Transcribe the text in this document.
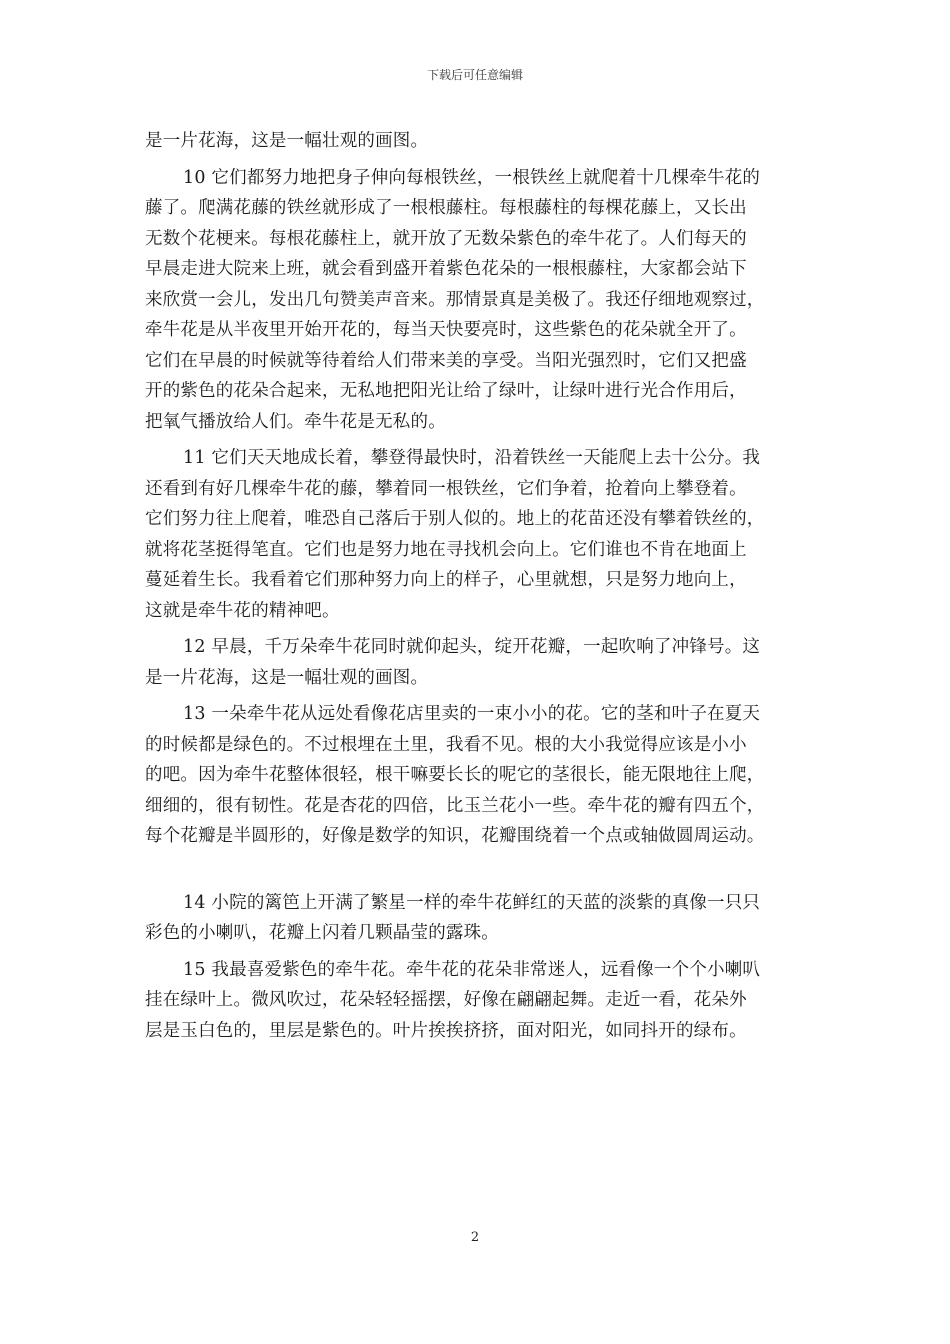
下载后可任意编辑
是一片花海，这是一幅壮观的画图。
10 它们都努力地把身子伸向每根铁丝，一根铁丝上就爬着十几棵牵牛花的
藤了。爬满花藤的铁丝就形成了一根根藤柱。每根藤柱的每棵花藤上，又长出
无数个花梗来。每根花藤柱上，就开放了无数朵紫色的牵牛花了。人们每天的
早晨走进大院来上班，就会看到盛开着紫色花朵的一根根藤柱，大家都会站下
来欣赏一会儿，发出几句赞美声音来。那情景真是美极了。我还仔细地观察过，
牵牛花是从半夜里开始开花的，每当天快要亮时，这些紫色的花朵就全开了。
它们在早晨的时候就等待着给人们带来美的享受。当阳光强烈时，它们又把盛
开的紫色的花朵合起来，无私地把阳光让给了绿叶，让绿叶进行光合作用后，
把氧气播放给人们。牵牛花是无私的。
11 它们天天地成长着，攀登得最快时，沿着铁丝一天能爬上去十公分。我
还看到有好几棵牵牛花的藤，攀着同一根铁丝，它们争着，抢着向上攀登着。
它们努力往上爬着，唯恐自己落后于别人似的。地上的花苗还没有攀着铁丝的，
就将花茎挺得笔直。它们也是努力地在寻找机会向上。它们谁也不肯在地面上
蔓延着生长。我看着它们那种努力向上的样子，心里就想，只是努力地向上，
这就是牵牛花的精神吧。
12 早晨，千万朵牵牛花同时就仰起头，绽开花瓣，一起吹响了冲锋号。这
是一片花海，这是一幅壮观的画图。
13 一朵牵牛花从远处看像花店里卖的一束小小的花。它的茎和叶子在夏天
的时候都是绿色的。不过根埋在土里，我看不见。根的大小我觉得应该是小小
的吧。因为牵牛花整体很轻，根干嘛要长长的呢它的茎很长，能无限地往上爬，
细细的，很有韧性。花是杏花的四倍，比玉兰花小一些。牵牛花的瓣有四五个，
每个花瓣是半圆形的，好像是数学的知识，花瓣围绕着一个点或轴做圆周运动。
14 小院的篱笆上开满了繁星一样的牵牛花鲜红的天蓝的淡紫的真像一只只
彩色的小喇叭，花瓣上闪着几颗晶莹的露珠。
15 我最喜爱紫色的牵牛花。牵牛花的花朵非常迷人，远看像一个个小喇叭
挂在绿叶上。微风吹过，花朵轻轻摇摆，好像在翩翩起舞。走近一看，花朵外
层是玉白色的，里层是紫色的。叶片挨挨挤挤，面对阳光，如同抖开的绿布。
2
